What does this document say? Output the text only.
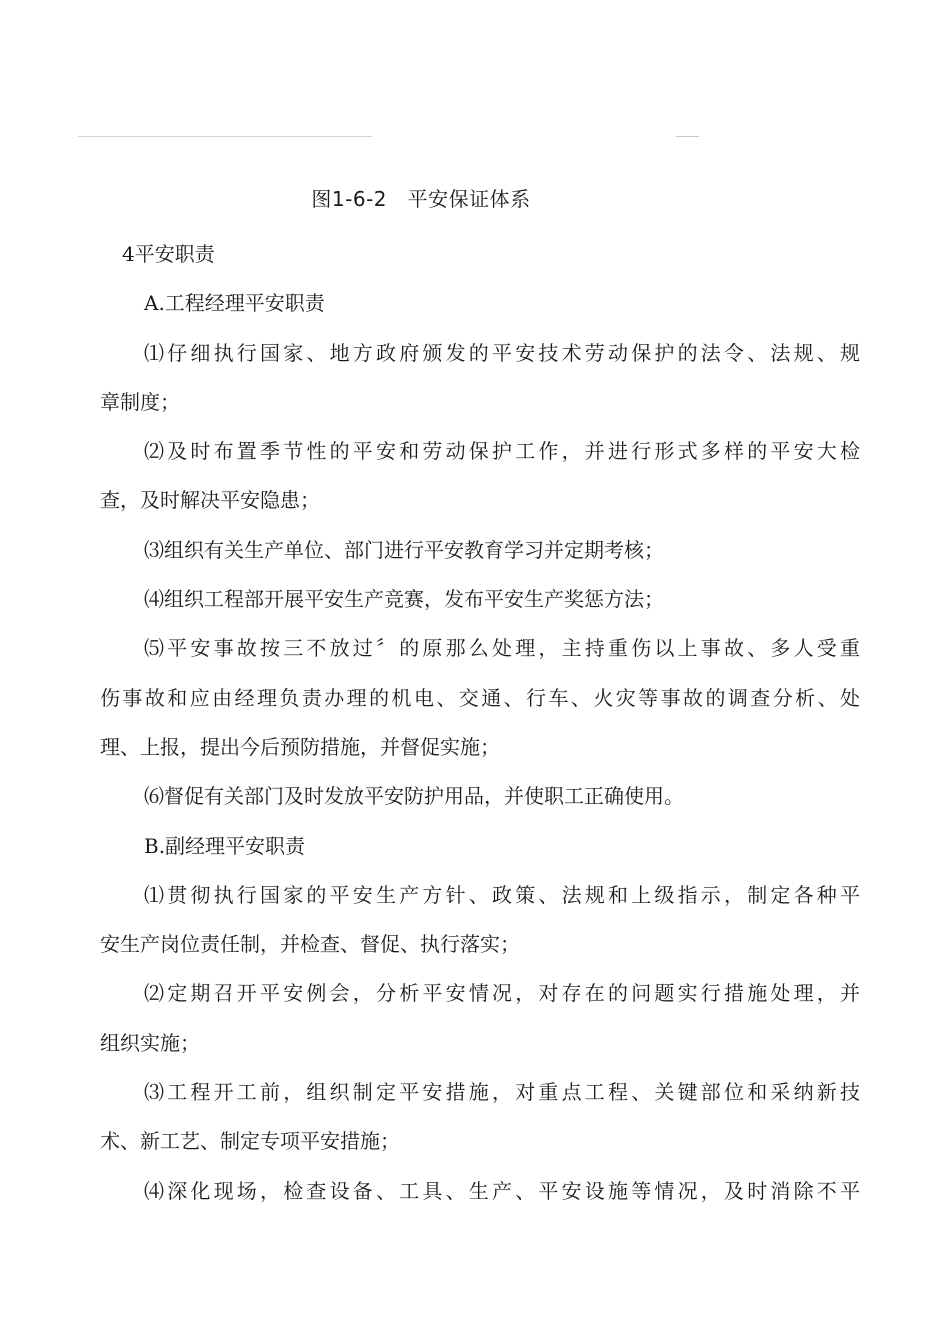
图1-6-2   平安保证体系
4平安职责
A.工程经理平安职责
⑴仔细执行国家、地方政府颁发的平安技术劳动保护的法令、法规、规
章制度；
⑵及时布置季节性的平安和劳动保护工作，并进行形式多样的平安大检
查，及时解决平安隐患；
⑶组织有关生产单位、部门进行平安教育学习并定期考核；
⑷组织工程部开展平安生产竞赛，发布平安生产奖惩方法；
⑸平安事故按三不放过〞的原那么处理，主持重伤以上事故、多人受重
伤事故和应由经理负责办理的机电、交通、行车、火灾等事故的调查分析、处
理、上报，提出今后预防措施，并督促实施；
⑹督促有关部门及时发放平安防护用品，并使职工正确使用。
B.副经理平安职责
⑴贯彻执行国家的平安生产方针、政策、法规和上级指示，制定各种平
安生产岗位责任制，并检查、督促、执行落实；
⑵定期召开平安例会，分析平安情况，对存在的问题实行措施处理，并
组织实施；
⑶工程开工前，组织制定平安措施，对重点工程、关键部位和采纳新技
术、新工艺、制定专项平安措施；
⑷深化现场，检查设备、工具、生产、平安设施等情况，及时消除不平
